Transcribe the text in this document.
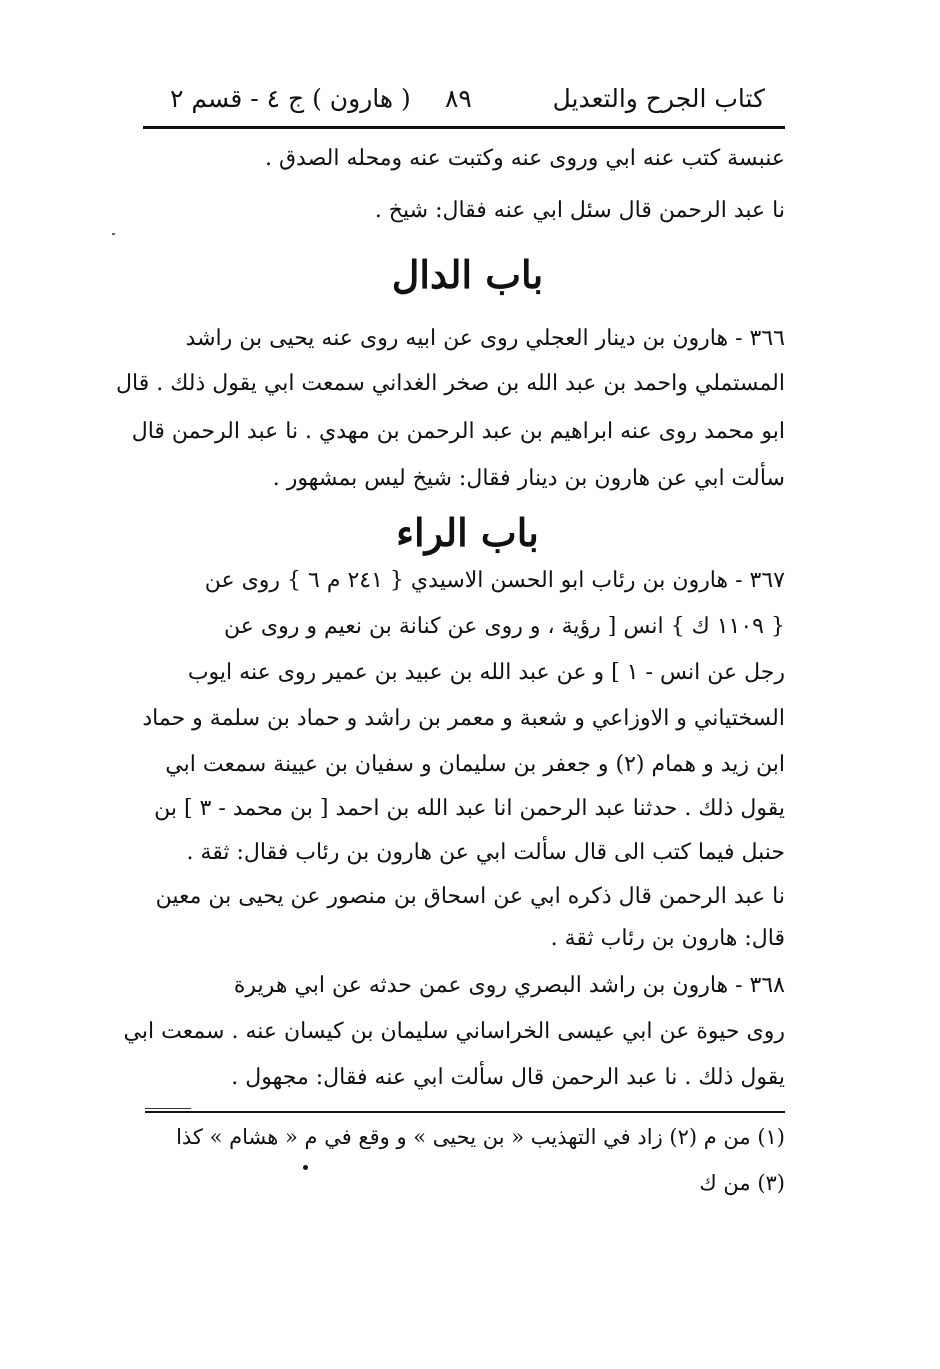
كتاب الجرح والتعديل
٨٩
( هارون ) ج ٤ - قسم ٢
عنبسة كتب عنه ابي وروى عنه وكتبت عنه ومحله الصدق .
نا عبد الرحمن قال سئل ابي عنه فقال: شيخ .
باب الدال
٣٦٦ - هارون بن دينار العجلي روى عن ابيه روى عنه يحيى بن راشد
المستملي واحمد بن عبد الله بن صخر الغداني سمعت ابي يقول ذلك . قال
ابو محمد روى عنه ابراهيم بن عبد الرحمن بن مهدي . نا عبد الرحمن قال
سألت ابي عن هارون بن دينار فقال: شيخ ليس بمشهور .
باب الراء
٣٦٧ - هارون بن رئاب ابو الحسن الاسيدي { ٢٤١ م ٦ } روى عن
{ ١١٠٩ ك } انس [ رؤية ، و روى عن كنانة بن نعيم و روى عن
رجل عن انس - ١ ] و عن عبد الله بن عبيد بن عمير روى عنه ايوب
السختياني و الاوزاعي و شعبة و معمر بن راشد و حماد بن سلمة و حماد
ابن زيد و همام (٢) و جعفر بن سليمان و سفيان بن عيينة سمعت ابي
يقول ذلك . حدثنا عبد الرحمن انا عبد الله بن احمد [ بن محمد - ٣ ] بن
حنبل فيما كتب الى قال سألت ابي عن هارون بن رئاب فقال: ثقة .
نا عبد الرحمن قال ذكره ابي عن اسحاق بن منصور عن يحيى بن معين
قال: هارون بن رئاب ثقة .
٣٦٨ - هارون بن راشد البصري روى عمن حدثه عن ابي هريرة
روى حيوة عن ابي عيسى الخراساني سليمان بن كيسان عنه . سمعت ابي
يقول ذلك . نا عبد الرحمن قال سألت ابي عنه فقال: مجهول .
(١) من م (٢) زاد في التهذيب « بن يحيى » و وقع في م « هشام » كذا
(٣) من ك
